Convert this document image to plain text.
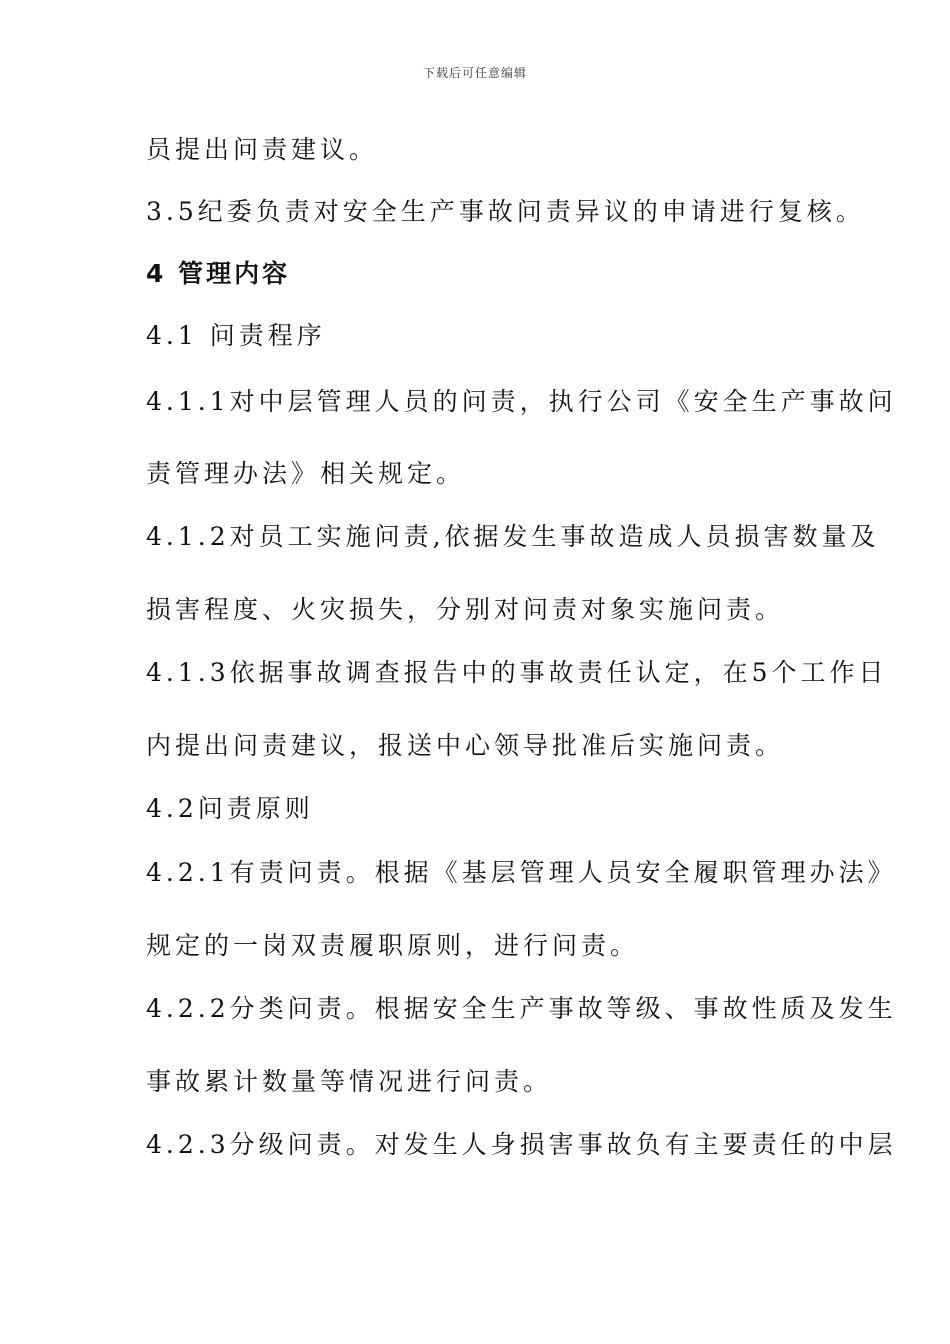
下载后可任意编辑
员提出问责建议。
3.5纪委负责对安全生产事故问责异议的申请进行复核。
4 管理内容
4.1 问责程序
4.1.1对中层管理人员的问责，执行公司《安全生产事故问
责管理办法》相关规定。
4.1.2对员工实施问责,依据发生事故造成人员损害数量及
损害程度、火灾损失，分别对问责对象实施问责。
4.1.3依据事故调查报告中的事故责任认定，在5个工作日
内提出问责建议，报送中心领导批准后实施问责。
4.2问责原则
4.2.1有责问责。根据《基层管理人员安全履职管理办法》
规定的一岗双责履职原则，进行问责。
4.2.2分类问责。根据安全生产事故等级、事故性质及发生
事故累计数量等情况进行问责。
4.2.3分级问责。对发生人身损害事故负有主要责任的中层
